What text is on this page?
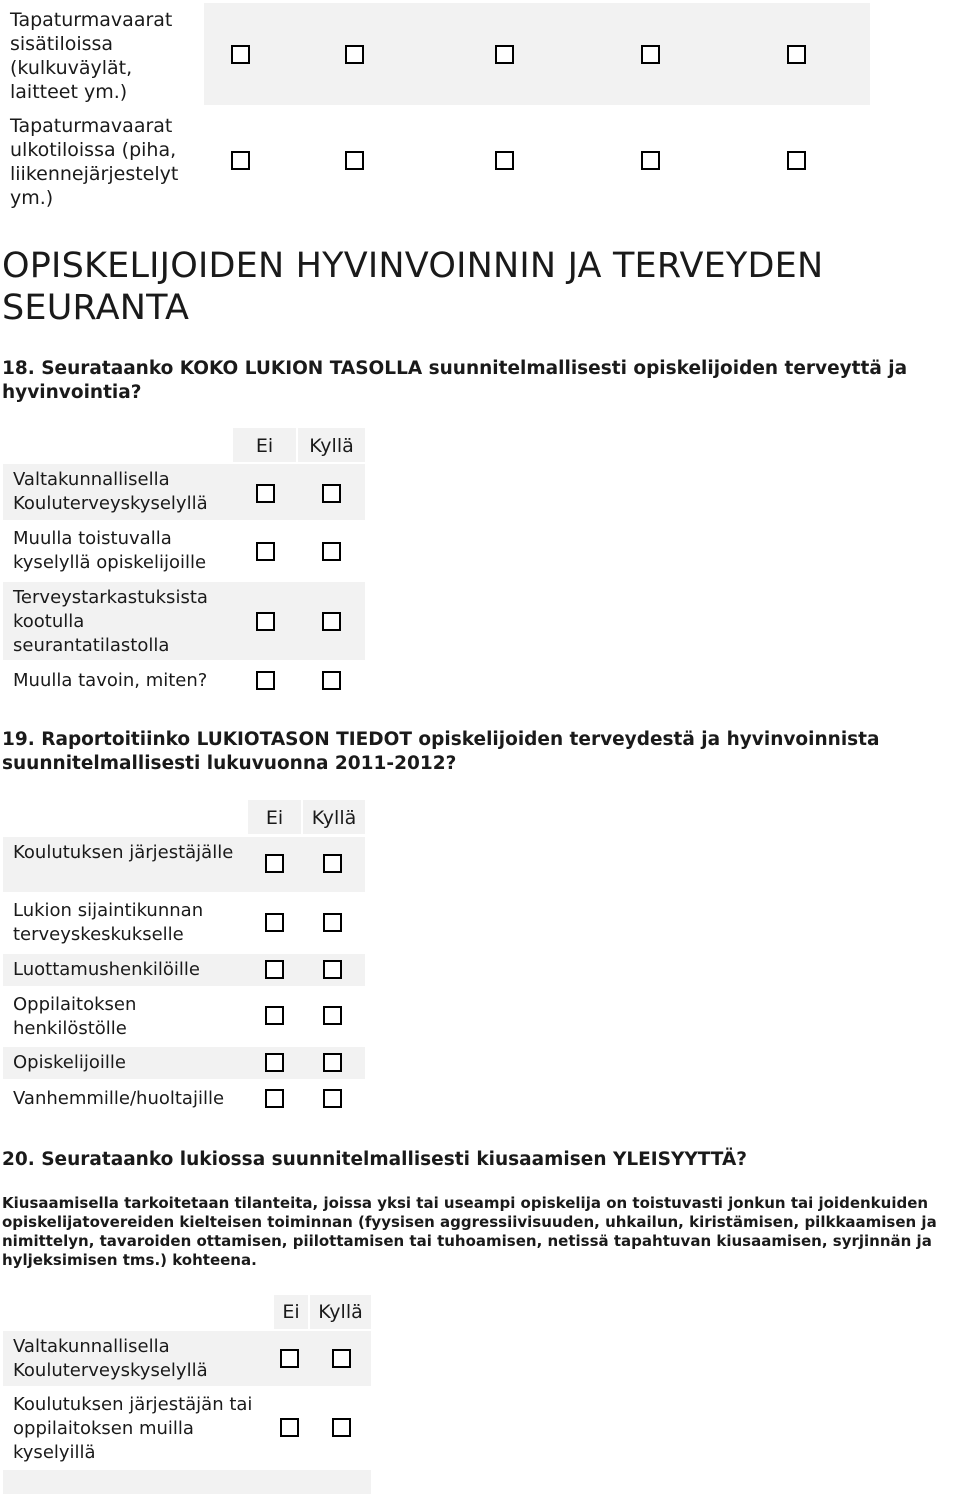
Tapaturmavaarat sisätiloissa (kulkuväylät, laitteet ym.)
Tapaturmavaarat ulkotiloissa (piha, liikennejärjestelyt ym.)
OPISKELIJOIDEN HYVINVOINNIN JA TERVEYDEN SEURANTA
18. Seurataanko KOKO LUKION TASOLLA suunnitelmallisesti opiskelijoiden terveyttä ja hyvinvointia?
Ei	Kyllä
Valtakunnallisella Kouluterveyskyselyllä
Muulla toistuvalla kyselyllä opiskelijoille
Terveystarkastuksista kootulla seurantatilastolla
Muulla tavoin, miten?
19. Raportoitiinko LUKIOTASON TIEDOT opiskelijoiden terveydestä ja hyvinvoinnista suunnitelmallisesti lukuvuonna 2011-2012?
Ei	Kyllä
Koulutuksen järjestäjälle
Lukion sijaintikunnan terveyskeskukselle
Luottamushenkilöille
Oppilaitoksen henkilöstölle
Opiskelijoille
Vanhemmille/huoltajille
20. Seurataanko lukiossa suunnitelmallisesti kiusaamisen YLEISYYTTÄ?
Kiusaamisella tarkoitetaan tilanteita, joissa yksi tai useampi opiskelija on toistuvasti jonkun tai joidenkuiden opiskelijatovereiden kielteisen toiminnan (fyysisen aggressiivisuuden, uhkailun, kiristämisen, pilkkaamisen ja nimittelyn, tavaroiden ottamisen, piilottamisen tai tuhoamisen, netissä tapahtuvan kiusaamisen, syrjinnän ja hyljeksimisen tms.) kohteena.
Ei Kyllä
Valtakunnallisella Kouluterveyskyselyllä
Koulutuksen järjestäjän tai oppilaitoksen muilla kyselyillä
